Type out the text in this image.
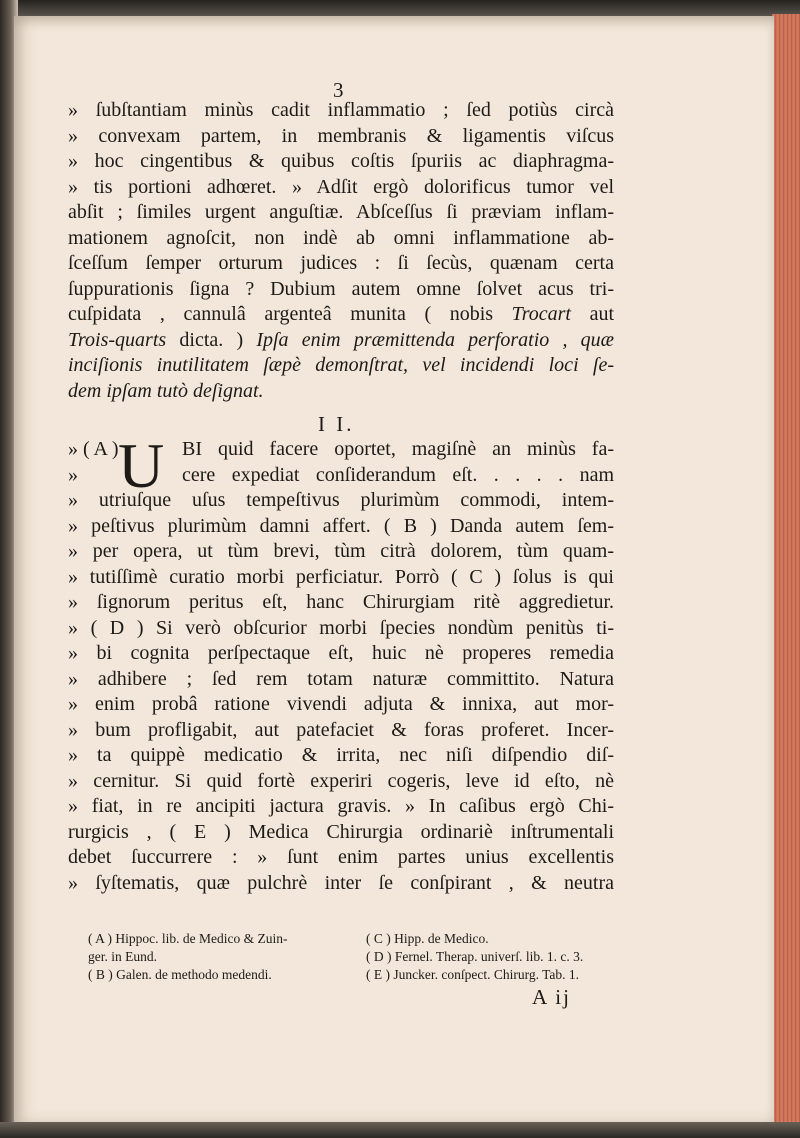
3
» ſubſtantiam minùs cadit inflammatio ; ſed potiùs circà
» convexam partem, in membranis & ligamentis viſcus
» hoc cingentibus & quibus coſtis ſpuriis ac diaphragma-
» tis portioni adhœret. » Adſit ergò dolorificus tumor vel
abſit ; ſimiles urgent anguſtiæ. Abſceſſus ſi præviam inflam-
mationem agnoſcit, non indè ab omni inflammatione ab-
ſceſſum ſemper orturum judices : ſi ſecùs, quænam certa
ſuppurationis ſigna ? Dubium autem omne ſolvet acus tri-
cuſpidata , cannulâ argenteâ munita ( nobis Trocart aut
Trois-quarts dicta. ) Ipſa enim præmittenda perforatio , quæ
inciſionis inutilitatem ſæpè demonſtrat, vel incidendi loci ſe-
dem ipſam tutò deſignat.
I I.
U
» ( A )	BI quid facere oportet, magiſnè an minùs fa-
»	cere expediat conſiderandum eſt. . . . . nam
» utriuſque uſus tempeſtivus plurimùm commodi, intem-
» peſtivus plurimùm damni affert. ( B ) Danda autem ſem-
» per opera, ut tùm brevi, tùm citrà dolorem, tùm quam-
» tutiſſimè curatio morbi perficiatur. Porrò ( C ) ſolus is qui
» ſignorum peritus eſt, hanc Chirurgiam ritè aggredietur.
» ( D ) Si verò obſcurior morbi ſpecies nondùm penitùs ti-
» bi cognita perſpectaque eſt, huic nè properes remedia
» adhibere ; ſed rem totam naturæ committito. Natura
» enim probâ ratione vivendi adjuta & innixa, aut mor-
» bum profligabit, aut patefaciet & foras proferet. Incer-
» ta quippè medicatio & irrita, nec niſi diſpendio diſ-
» cernitur. Si quid fortè experiri cogeris, leve id eſto, nè
» fiat, in re ancipiti jactura gravis. » In caſibus ergò Chi-
rurgicis , ( E ) Medica Chirurgia ordinariè inſtrumentali
debet ſuccurrere : » ſunt enim partes unius excellentis
» ſyſtematis, quæ pulchrè inter ſe conſpirant , & neutra
( A ) Hippoc. lib. de Medico & Zuin-
ger. in Eund.
( B ) Galen. de methodo medendi.
( C ) Hipp. de Medico.
( D ) Fernel. Therap. univerſ. lib. 1. c. 3.
( E ) Juncker. conſpect. Chirurg. Tab. 1.
A ij
